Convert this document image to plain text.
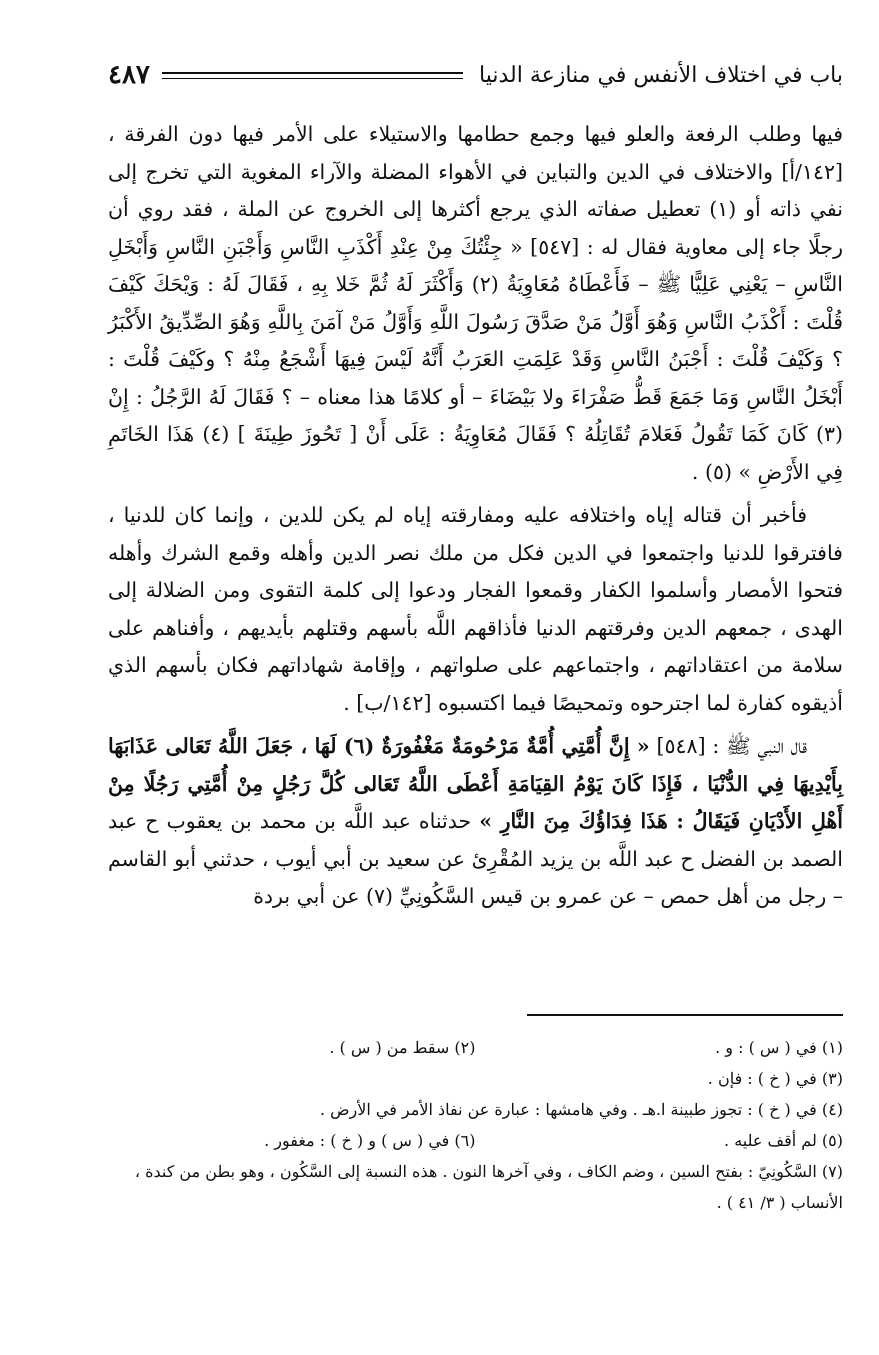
باب في اختلاف الأنفس في منازعة الدنيا
٤٨٧

فيها وطلب الرفعة والعلو فيها وجمع حطامها والاستيلاء على الأمر فيها دون الفرقة ، [١٤٢/أ] والاختلاف في الدين والتباين في الأهواء المضلة والآراء المغوية التي تخرج إلى نفي ذاته أو (١) تعطيل صفاته الذي يرجع أكثرها إلى الخروج عن الملة ، فقد روي أن رجلًا جاء إلى معاوية فقال له : [٥٤٧] « جِئْتُكَ مِنْ عِنْدِ أَكْذَبِ النَّاسِ وَأَجْبَنِ النَّاسِ وَأَبْخَلِ النَّاسِ – يَعْنِي عَلِيًّا ﷺ – فَأَعْطَاهُ مُعَاوِيَةُ (٢) وَأَكْثَرَ لَهُ ثُمَّ خَلا بِهِ ، فَقَالَ لَهُ : وَيْحَكَ كَيْفَ قُلْتَ : أَكْذَبُ النَّاسِ وَهُوَ أَوَّلُ مَنْ صَدَّقَ رَسُولَ اللَّهِ وَأَوَّلُ مَنْ آمَنَ بِاللَّهِ وَهُوَ الصِّدِّيقُ الأَكْبَرُ ؟ وَكَيْفَ قُلْتَ : أَجْبَنُ النَّاسِ وَقَدْ عَلِمَتِ العَرَبُ أَنَّهُ لَيْسَ فِيهَا أَشْجَعُ مِنْهُ ؟ وكَيْفَ قُلْتَ : أَبْخَلُ النَّاسِ وَمَا جَمَعَ قَطُّ صَفْرَاءَ ولا بَيْضَاءَ – أو كلامًا هذا معناه – ؟ فَقَالَ لَهُ الرَّجُلُ : إِنْ (٣) كَانَ كَمَا تَقُولُ فَعَلامَ تُقَاتِلُهُ ؟ فَقَالَ مُعَاوِيَةُ : عَلَى أَنْ [ تَحُوزَ طِينَةَ ] (٤) هَذَا الخَاتَمِ فِي الأَرْضِ » (٥) .

فأخبر أن قتاله إياه واختلافه عليه ومفارقته إياه لم يكن للدين ، وإنما كان للدنيا ، فافترقوا للدنيا واجتمعوا في الدين فكل من ملك نصر الدين وأهله وقمع الشرك وأهله فتحوا الأمصار وأسلموا الكفار وقمعوا الفجار ودعوا إلى كلمة التقوى ومن الضلالة إلى الهدى ، جمعهم الدين وفرقتهم الدنيا فأذاقهم اللَّه بأسهم وقتلهم بأيديهم ، وأفناهم على سلامة من اعتقاداتهم ، واجتماعهم على صلواتهم ، وإقامة شهاداتهم فكان بأسهم الذي أذيقوه كفارة لما اجترحوه وتمحيصًا فيما اكتسبوه [١٤٢/ب] .

قال النبي ﷺ : [٥٤٨] « إِنَّ أُمَّتِي أُمَّةٌ مَرْحُومَةٌ مَغْفُورَةٌ (٦) لَهَا ، جَعَلَ اللَّهُ تَعَالى عَذَابَهَا بِأَيْدِيهَا فِي الدُّنْيَا ، فَإِذَا كَانَ يَوْمُ القِيَامَةِ أَعْطَى اللَّهُ تَعَالى كُلَّ رَجُلٍ مِنْ أُمَّتِي رَجُلًا مِنْ أَهْلِ الأَدْيَانِ فَيَقَالُ : هَذَا فِدَاؤُكَ مِنَ النَّارِ » حدثناه عبد اللَّه بن محمد بن يعقوب ح عبد الصمد بن الفضل ح عبد اللَّه بن يزيد المُقْرِئ عن سعيد بن أبي أيوب ، حدثني أبو القاسم – رجل من أهل حمص – عن عمرو بن قيس السَّكُونِيِّ (٧) عن أبي بردة

(١) في ( س ) : و .
(٢) سقط من ( س ) .
(٣) في ( خ ) : فإن .
(٤) في ( خ ) : تجوز طبينة ا.هـ . وفي هامشها : عبارة عن نفاذ الأمر في الأرض .
(٥) لم أقف عليه .
(٦) في ( س ) و ( خ ) : مغفور .
(٧) السَّكُونِيّ : بفتح السين ، وضم الكاف ، وفي آخرها النون . هذه النسبة إلى السَّكُون ، وهو بطن من كندة ، الأنساب ( ٣/ ٤١ ) .
